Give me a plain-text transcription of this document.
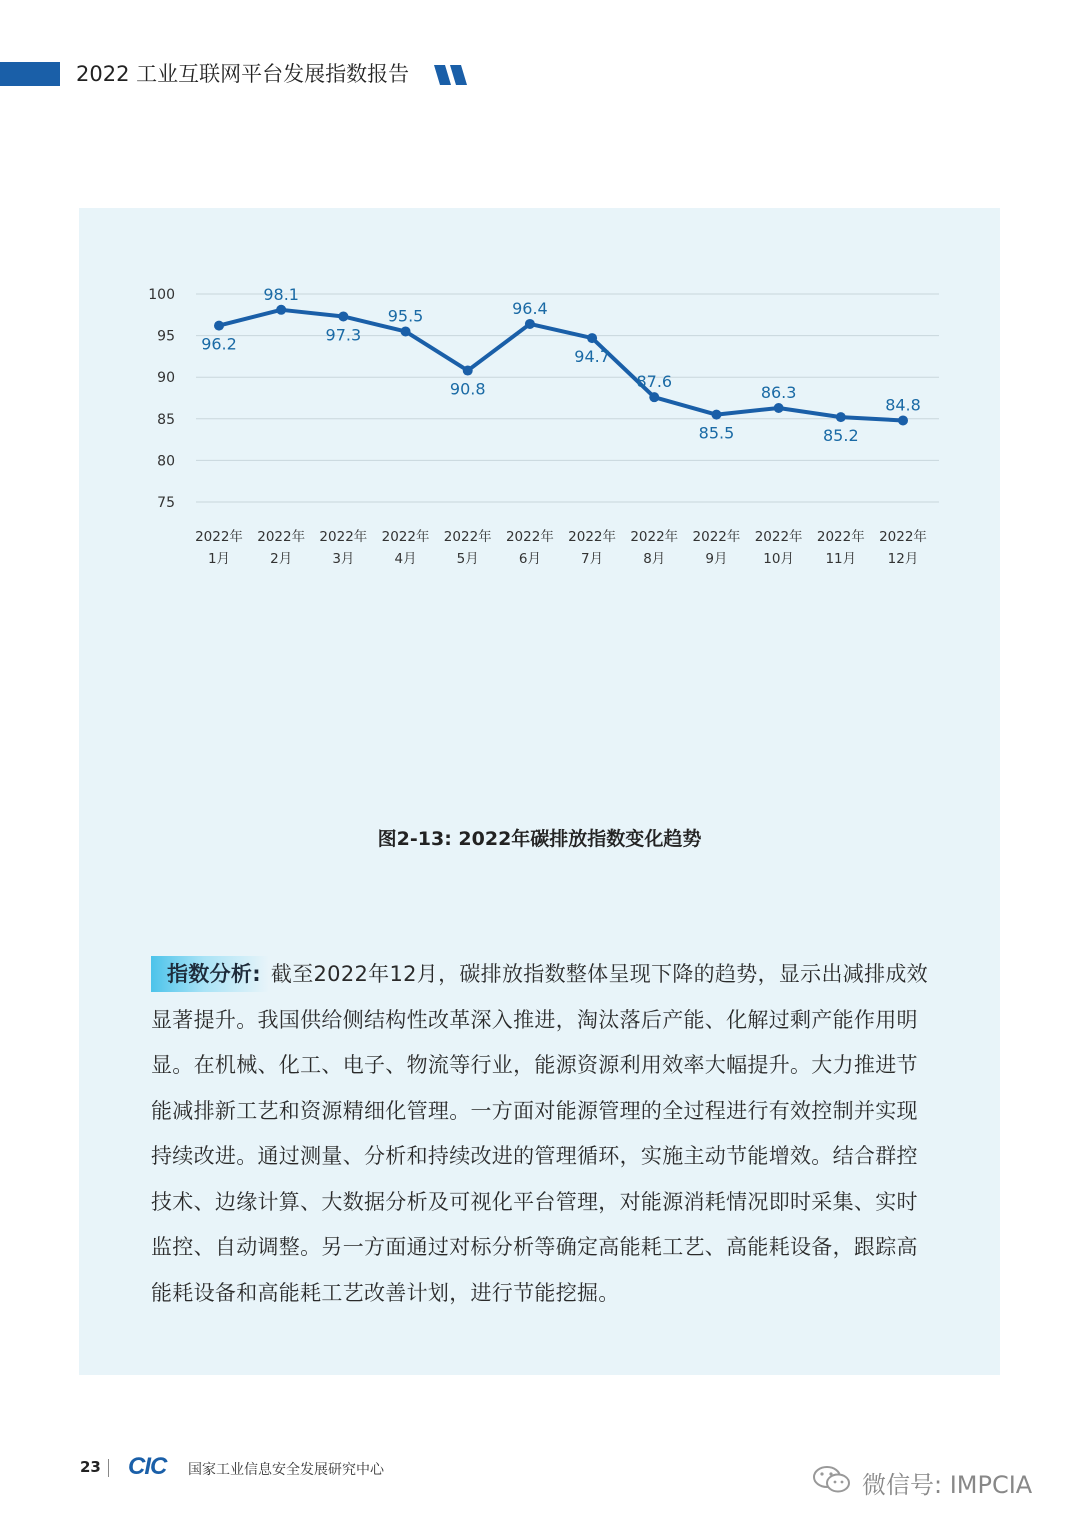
2022 工业互联网平台发展指数报告
75
80
85
90
95
100
96.2
98.1
97.3
95.5
90.8
96.4
94.7
87.6
85.5
86.3
85.2
84.8
2022年
1月
2022年
2月
2022年
3月
2022年
4月
2022年
5月
2022年
6月
2022年
7月
2022年
8月
2022年
9月
2022年
10月
2022年
11月
2022年
12月
图2-13: 2022年碳排放指数变化趋势
指数分析: 截至2022年12月，碳排放指数整体呈现下降的趋势，显示出减排成效显著提升。我国供给侧结构性改革深入推进，淘汰落后产能、化解过剩产能作用明显。在机械、化工、电子、物流等行业，能源资源利用效率大幅提升。大力推进节能减排新工艺和资源精细化管理。一方面对能源管理的全过程进行有效控制并实现持续改进。通过测量、分析和持续改进的管理循环，实施主动节能增效。结合群控技术、边缘计算、大数据分析及可视化平台管理，对能源消耗情况即时采集、实时监控、自动调整。另一方面通过对标分析等确定高能耗工艺、高能耗设备，跟踪高能耗设备和高能耗工艺改善计划，进行节能挖掘。
23 CIC 国家工业信息安全发展研究中心
微信号: IMPCIA
